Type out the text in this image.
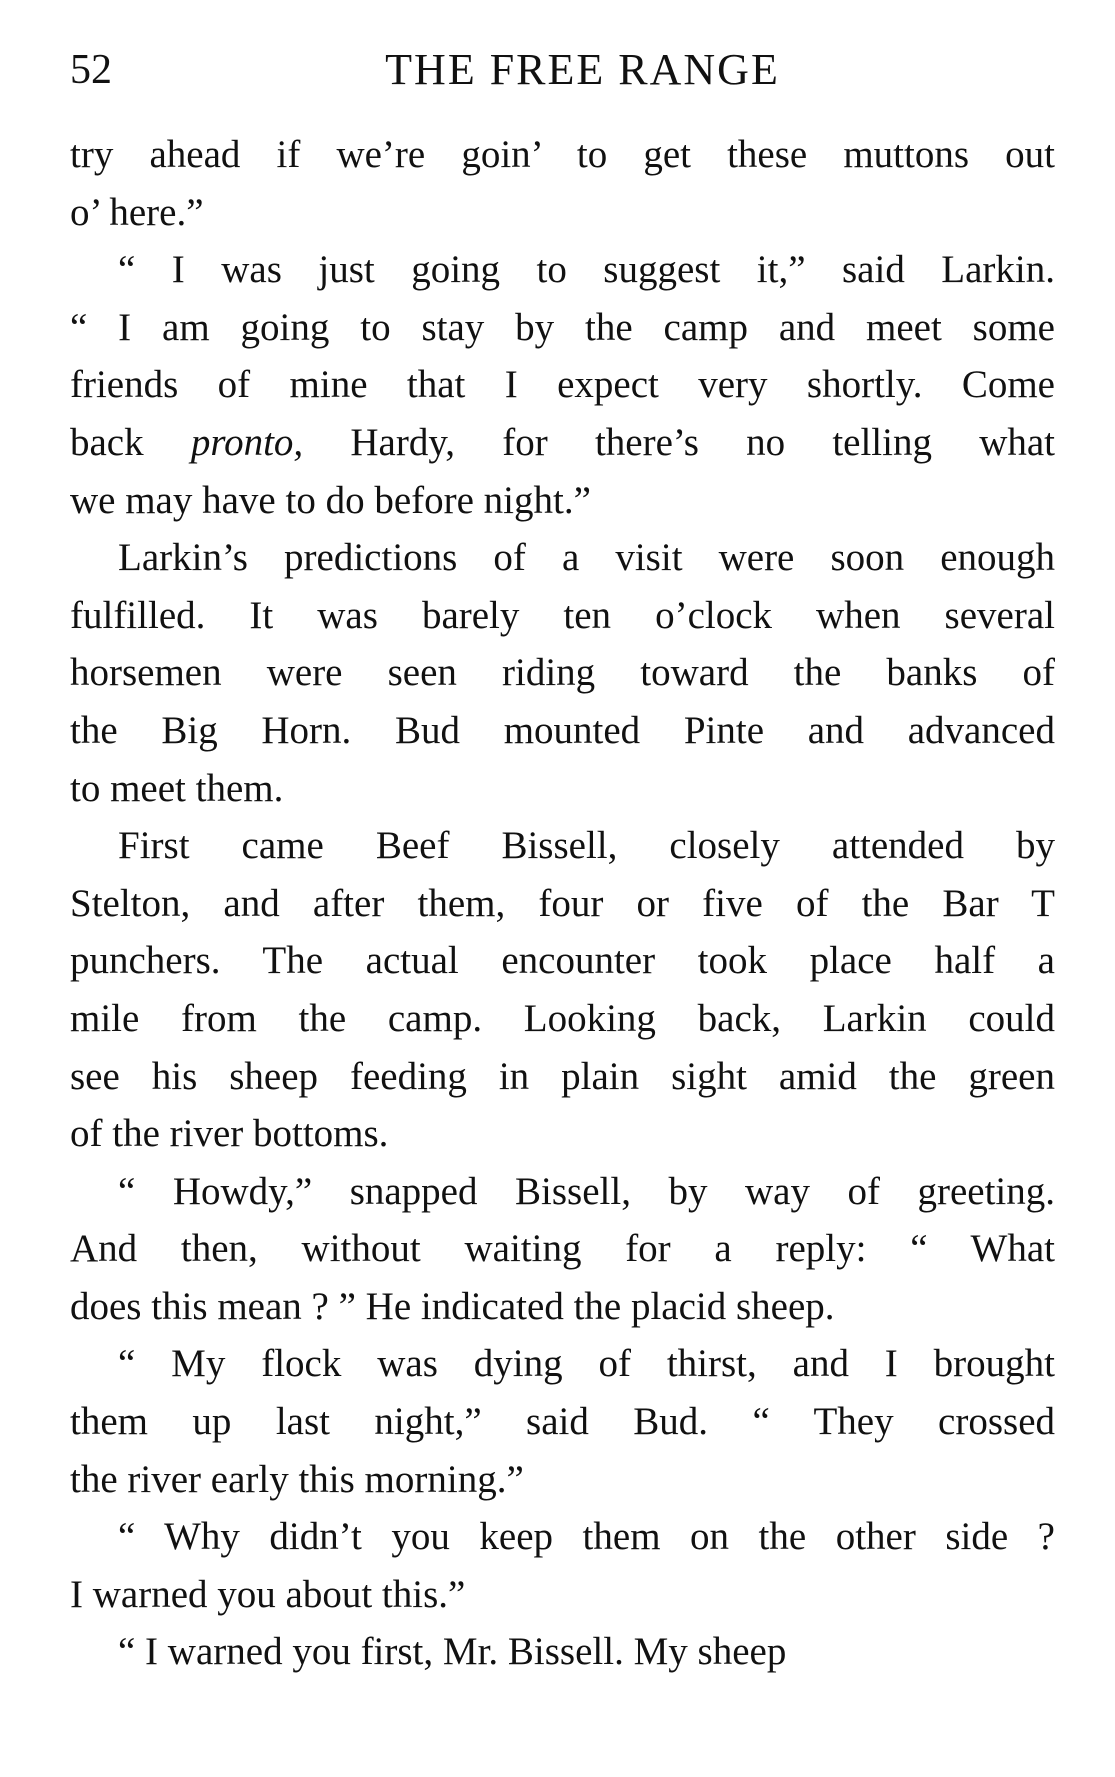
52	THE FREE RANGE
try ahead if we’re goin’ to get these muttons out
o’ here.”
“ I was just going to suggest it,” said Larkin.
“ I am going to stay by the camp and meet some
friends of mine that I expect very shortly. Come
back pronto, Hardy, for there’s no telling what
we may have to do before night.”
Larkin’s predictions of a visit were soon enough
fulfilled. It was barely ten o’clock when several
horsemen were seen riding toward the banks of
the Big Horn. Bud mounted Pinte and advanced
to meet them.
First came Beef Bissell, closely attended by
Stelton, and after them, four or five of the Bar T
punchers. The actual encounter took place half a
mile from the camp. Looking back, Larkin could
see his sheep feeding in plain sight amid the green
of the river bottoms.
“ Howdy,” snapped Bissell, by way of greeting.
And then, without waiting for a reply: “ What
does this mean ? ” He indicated the placid sheep.
“ My flock was dying of thirst, and I brought
them up last night,” said Bud. “ They crossed
the river early this morning.”
“ Why didn’t you keep them on the other side ?
I warned you about this.”
“ I warned you first, Mr. Bissell. My sheep
